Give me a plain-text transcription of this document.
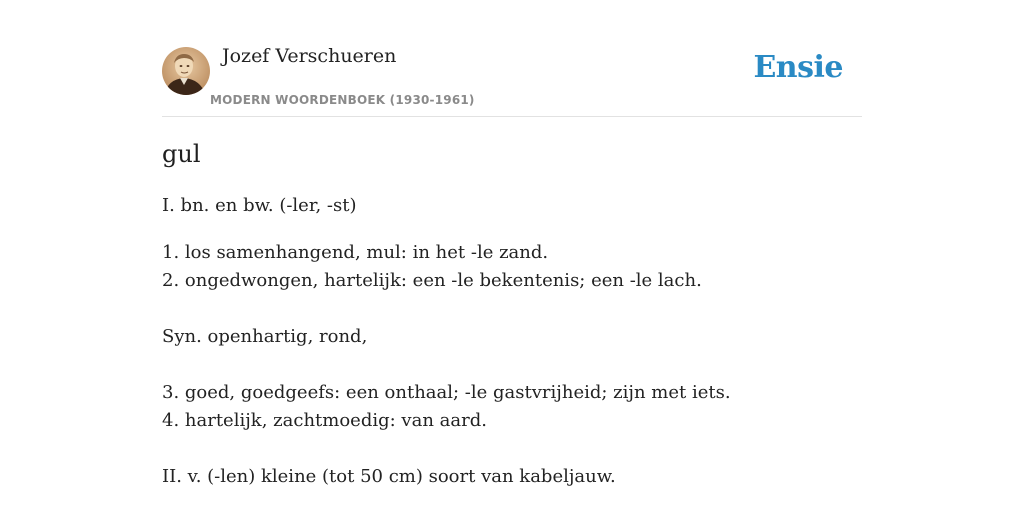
Jozef Verschueren
MODERN WOORDENBOEK (1930-1961)
Ensie
gul
I. bn. en bw. (-ler, -st)
1. los samenhangend, mul: in het -le zand.
2. ongedwongen, hartelijk: een -le bekentenis; een -le lach.
Syn. openhartig, rond,
3. goed, goedgeefs: een onthaal; -le gastvrijheid; zijn met iets.
4. hartelijk, zachtmoedig: van aard.
II. v. (-len) kleine (tot 50 cm) soort van kabeljauw.
